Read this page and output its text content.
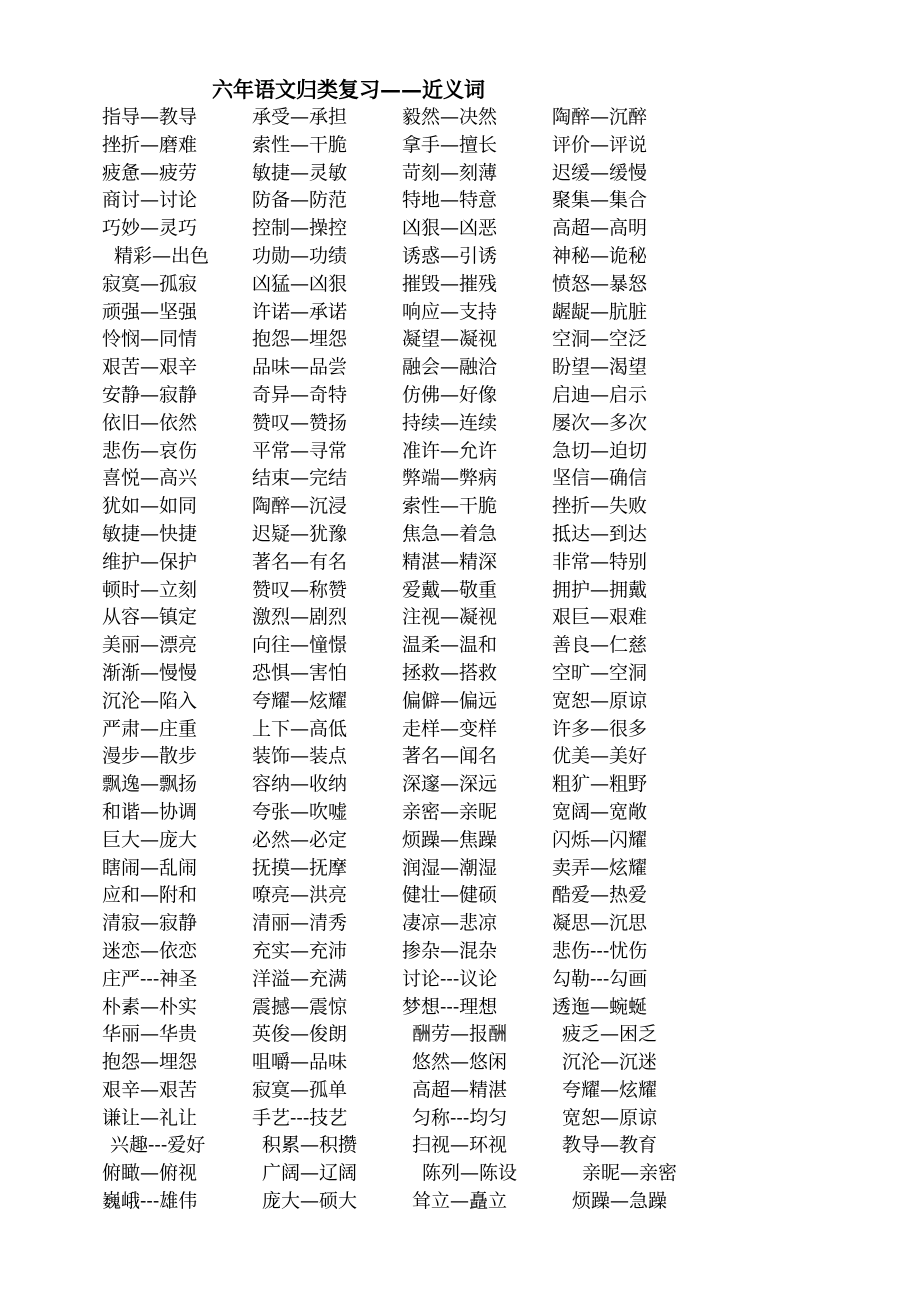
六年语文归类复习——近义词
指导—教导	承受—承担	毅然—决然	陶醉—沉醉
挫折—磨难	索性—干脆	拿手—擅长	评价—评说
疲惫—疲劳	敏捷—灵敏	苛刻—刻薄	迟缓—缓慢
商讨—讨论	防备—防范	特地—特意	聚集—集合
巧妙—灵巧	控制—操控	凶狠—凶恶	高超—高明
精彩—出色 功勋—功绩	诱惑—引诱	神秘—诡秘
寂寞—孤寂	凶猛—凶狠	摧毁—摧残	愤怒—暴怒
顽强—坚强	许诺—承诺	响应—支持	龌龊—肮脏
怜悯—同情	抱怨—埋怨	凝望—凝视	空洞—空泛
艰苦—艰辛	品味—品尝	融会—融洽	盼望—渴望
安静—寂静	奇异—奇特	仿佛—好像	启迪—启示
依旧—依然	赞叹—赞扬	持续—连续	屡次—多次
悲伤—哀伤	平常—寻常	准许—允许	急切—迫切
喜悦—高兴	结束—完结	弊端—弊病	坚信—确信
犹如—如同	陶醉—沉浸	索性—干脆	挫折—失败
敏捷—快捷	迟疑—犹豫	焦急—着急	抵达—到达
维护—保护	著名—有名	精湛—精深	非常—特别
顿时—立刻	赞叹—称赞	爱戴—敬重	拥护—拥戴
从容—镇定	激烈—剧烈	注视—凝视	艰巨—艰难
美丽—漂亮	向往—憧憬	温柔—温和	善良—仁慈
渐渐—慢慢	恐惧—害怕	拯救—搭救	空旷—空洞
沉沦—陷入	夸耀—炫耀	偏僻—偏远	宽恕—原谅
严肃—庄重	上下—高低	走样—变样	许多—很多
漫步—散步	装饰—装点	著名—闻名	优美—美好
飘逸—飘扬	容纳—收纳	深邃—深远	粗犷—粗野
和谐—协调	夸张—吹嘘	亲密—亲昵	宽阔—宽敞
巨大—庞大	必然—必定	烦躁—焦躁	闪烁—闪耀
瞎闹—乱闹	抚摸—抚摩	润湿—潮湿	卖弄—炫耀
应和—附和	嘹亮—洪亮	健壮—健硕	酷爱—热爱
清寂—寂静	清丽—清秀	凄凉—悲凉	凝思—沉思
迷恋—依恋	充实—充沛	掺杂—混杂	悲伤---忧伤
庄严---神圣	洋溢—充满	讨论---议论	勾勒---勾画
朴素—朴实	震撼—震惊	梦想---理想	透迤—蜿蜒
华丽—华贵	英俊—俊朗	酬劳—报酬	疲乏—困乏
抱怨—埋怨	咀嚼—品味	悠然—悠闲	沉沦—沉迷
艰辛—艰苦	寂寞—孤单	高超—精湛	夸耀—炫耀
谦让—礼让	手艺---技艺	匀称---均匀	宽恕—原谅
兴趣---爱好	积累—积攒	扫视—环视	教导—教育
俯瞰—俯视	广阔—辽阔	陈列—陈设	亲昵—亲密
巍峨---雄伟	庞大—硕大	耸立—矗立	烦躁—急躁
